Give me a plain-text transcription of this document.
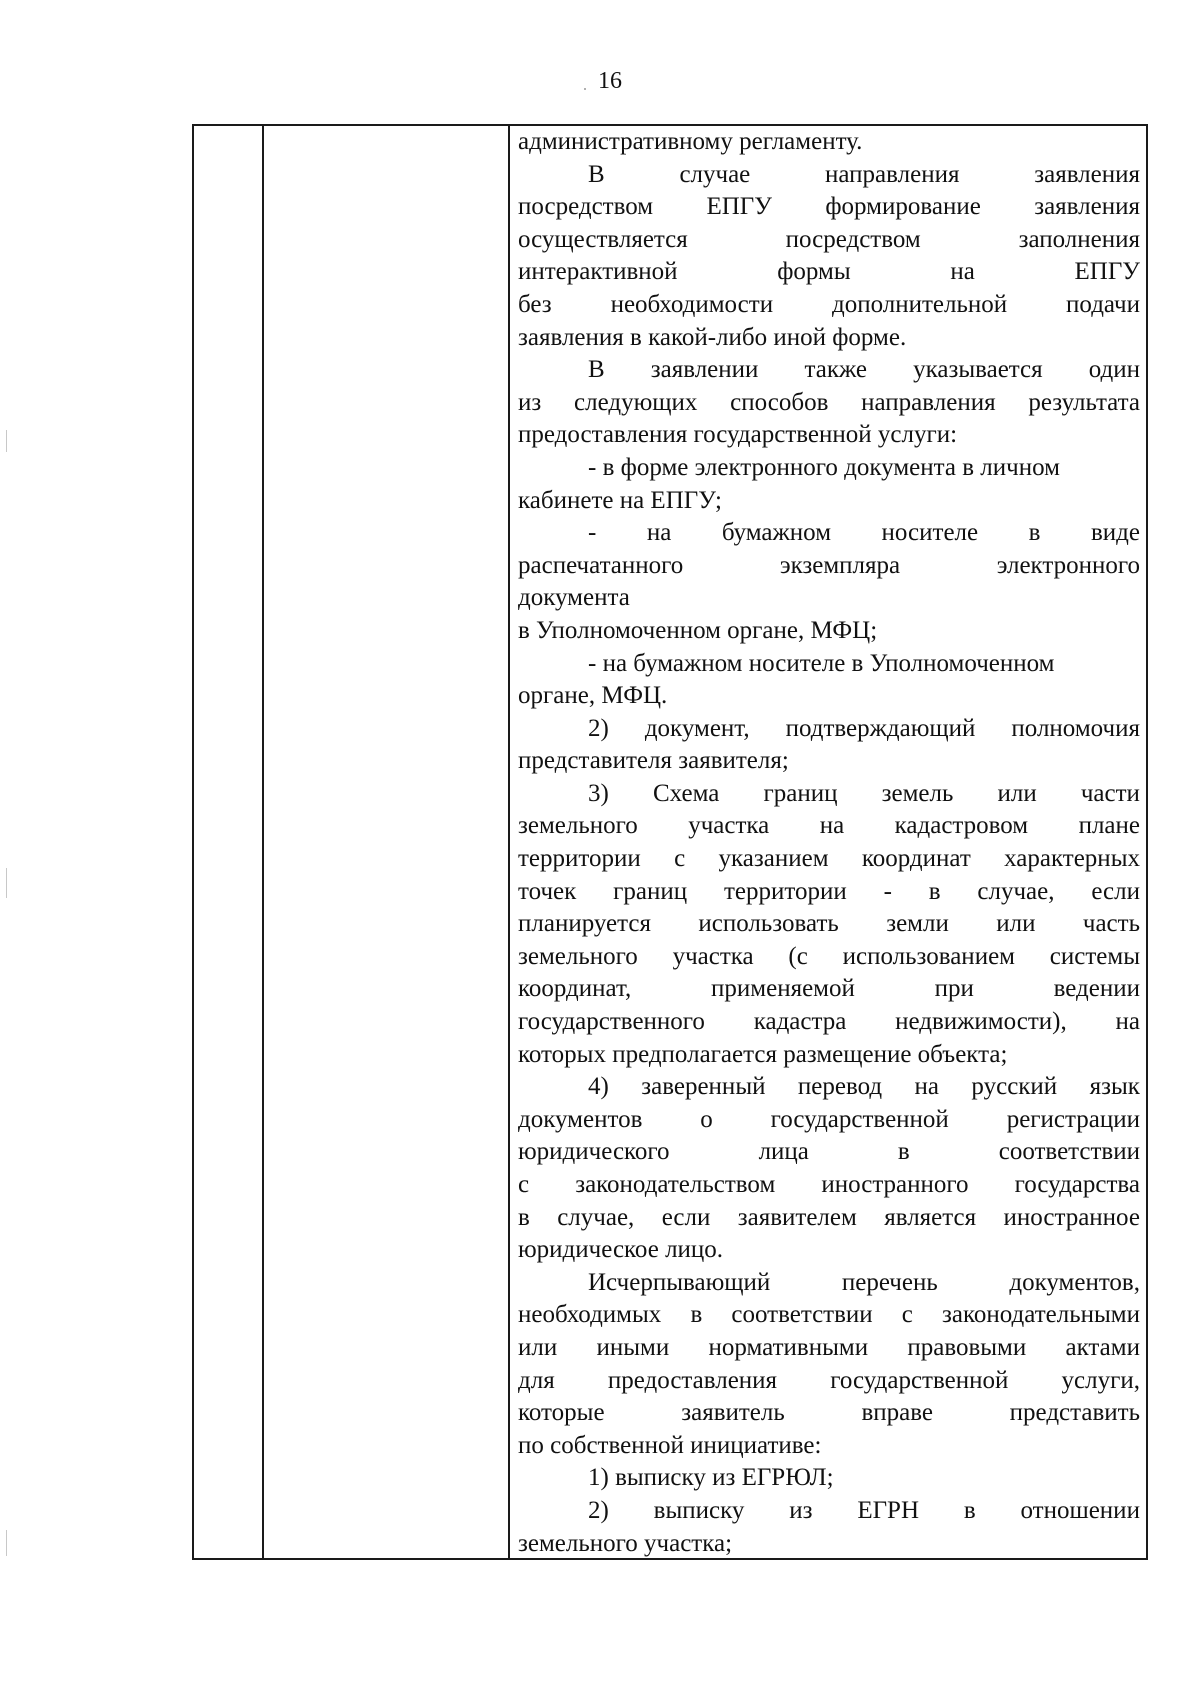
16
административному регламенту.
В	случае	направления	заявления
посредством ЕПГУ формирование заявления
осуществляется	посредством	заполнения
интерактивной	формы	на	ЕПГУ
без необходимости дополнительной подачи
заявления в какой-либо иной форме.
В заявлении также указывается один
из следующих способов направления результата
предоставления государственной услуги:
- в форме электронного документа в личном
кабинете на ЕПГУ;
- на бумажном носителе в виде
распечатанного	экземпляра	электронного
документа
в Уполномоченном органе, МФЦ;
- на бумажном носителе в Уполномоченном
органе, МФЦ.
2) документ, подтверждающий полномочия
представителя заявителя;
3) Схема границ земель или части
земельного участка на кадастровом плане
территории с указанием координат характерных
точек границ территории - в случае, если
планируется использовать земли или часть
земельного участка (с использованием системы
координат,	применяемой	при	ведении
государственного кадастра недвижимости), на
которых предполагается размещение объекта;
4) заверенный перевод на русский язык
документов о государственной регистрации
юридического	лица	в	соответствии
с законодательством иностранного государства
в случае, если заявителем является иностранное
юридическое лицо.
Исчерпывающий	перечень	документов,
необходимых в соответствии с законодательными
или иными нормативными правовыми актами
для предоставления государственной услуги,
которые	заявитель	вправе	представить
по собственной инициативе:
1) выписку из ЕГРЮЛ;
2) выписку из ЕГРН в отношении
земельного участка;
